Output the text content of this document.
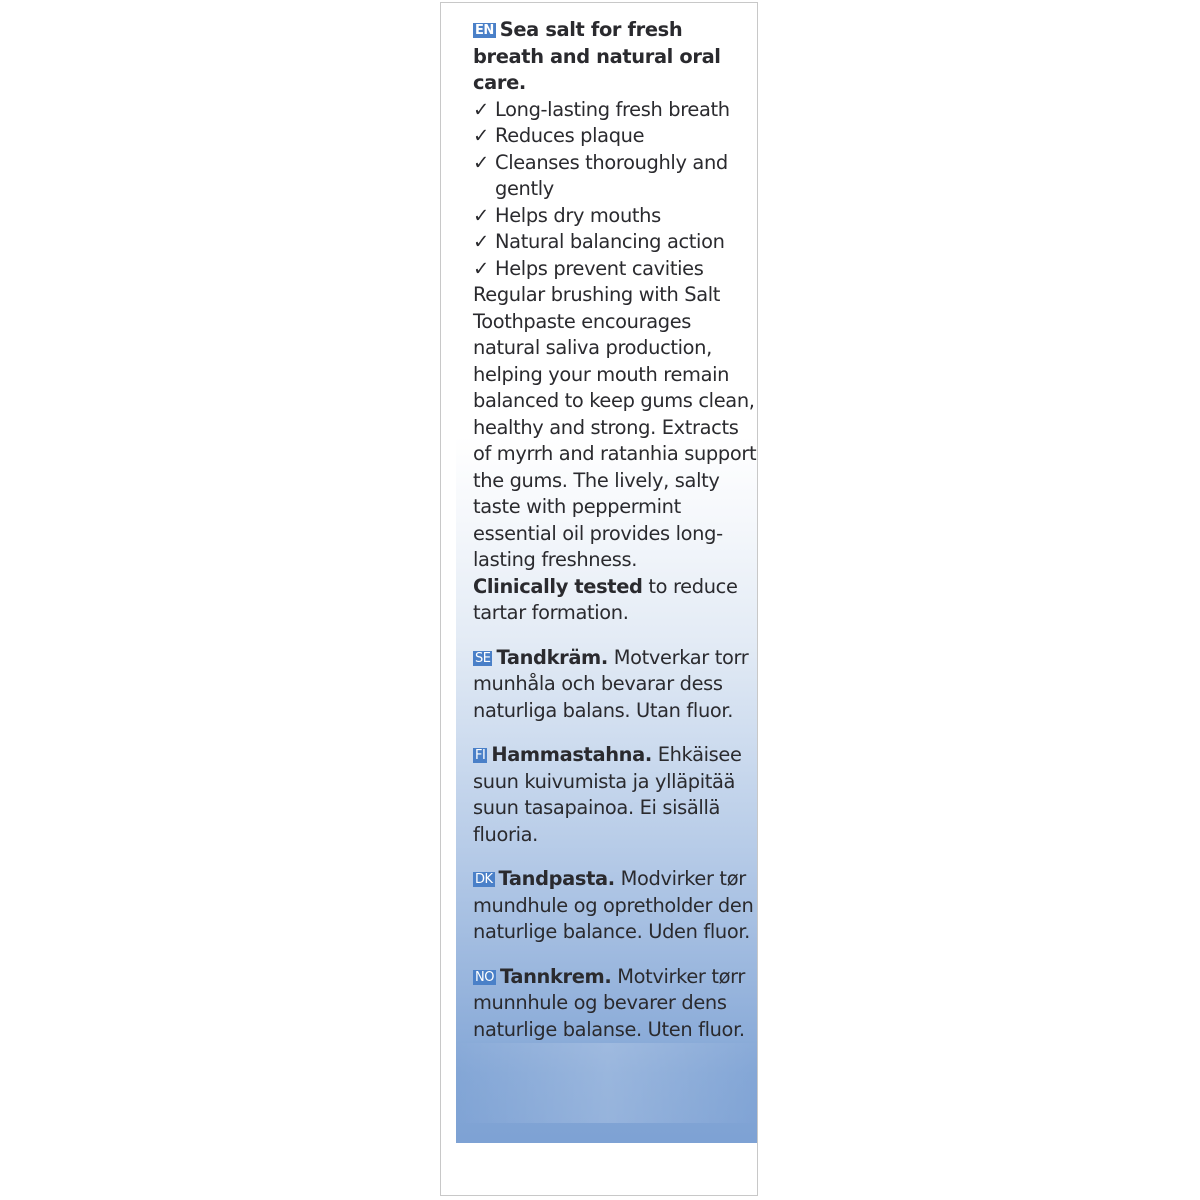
EN Sea salt for fresh breath and natural oral care.

✓ Long-lasting fresh breath
✓ Reduces plaque
✓ Cleanses thoroughly and gently
✓ Helps dry mouths
✓ Natural balancing action
✓ Helps prevent cavities

Regular brushing with Salt Toothpaste encourages natural saliva production, helping your mouth remain balanced to keep gums clean, healthy and strong. Extracts of myrrh and ratanhia support the gums. The lively, salty taste with peppermint essential oil provides long-lasting freshness.

Clinically tested to reduce tartar formation.

SE Tandkräm. Motverkar torr munhåla och bevarar dess naturliga balans. Utan fluor.

FI Hammastahna. Ehkäisee suun kuivumista ja ylläpitää suun tasapainoa. Ei sisällä fluoria.

DK Tandpasta. Modvirker tør mundhule og opretholder den naturlige balance. Uden fluor.

NO Tannkrem. Motvirker tørr munnhule og bevarer dens naturlige balanse. Uten fluor.
